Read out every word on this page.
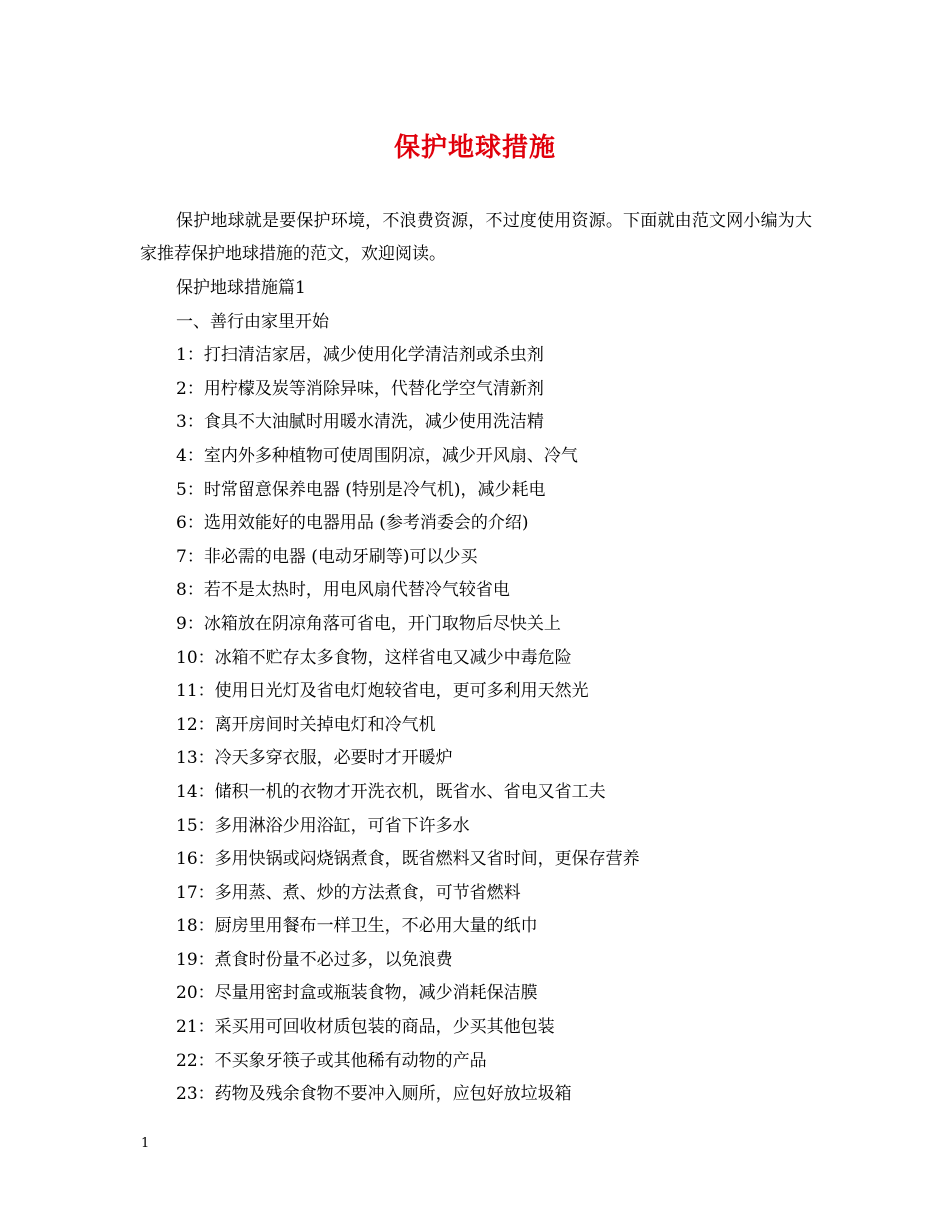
保护地球措施
保护地球就是要保护环境，不浪费资源，不过度使用资源。下面就由范文网小编为大家推荐保护地球措施的范文，欢迎阅读。
保护地球措施篇1
一、善行由家里开始
1：打扫清洁家居，减少使用化学清洁剂或杀虫剂
2：用柠檬及炭等消除异味，代替化学空气清新剂
3：食具不大油腻时用暖水清洗，减少使用洗洁精
4：室内外多种植物可使周围阴凉，减少开风扇、冷气
5：时常留意保养电器 (特别是冷气机)，减少耗电
6：选用效能好的电器用品 (参考消委会的介绍)
7：非必需的电器 (电动牙刷等)可以少买
8：若不是太热时，用电风扇代替冷气较省电
9：冰箱放在阴凉角落可省电，开门取物后尽快关上
10：冰箱不贮存太多食物，这样省电又减少中毒危险
11：使用日光灯及省电灯炮较省电，更可多利用天然光
12：离开房间时关掉电灯和冷气机
13：冷天多穿衣服，必要时才开暖炉
14：储积一机的衣物才开洗衣机，既省水、省电又省工夫
15：多用淋浴少用浴缸，可省下许多水
16：多用快锅或闷烧锅煮食，既省燃料又省时间，更保存营养
17：多用蒸、煮、炒的方法煮食，可节省燃料
18：厨房里用餐布一样卫生，不必用大量的纸巾
19：煮食时份量不必过多，以免浪费
20：尽量用密封盒或瓶装食物，减少消耗保洁膜
21：采买用可回收材质包装的商品，少买其他包装
22：不买象牙筷子或其他稀有动物的产品
23：药物及残余食物不要冲入厕所，应包好放垃圾箱
1
